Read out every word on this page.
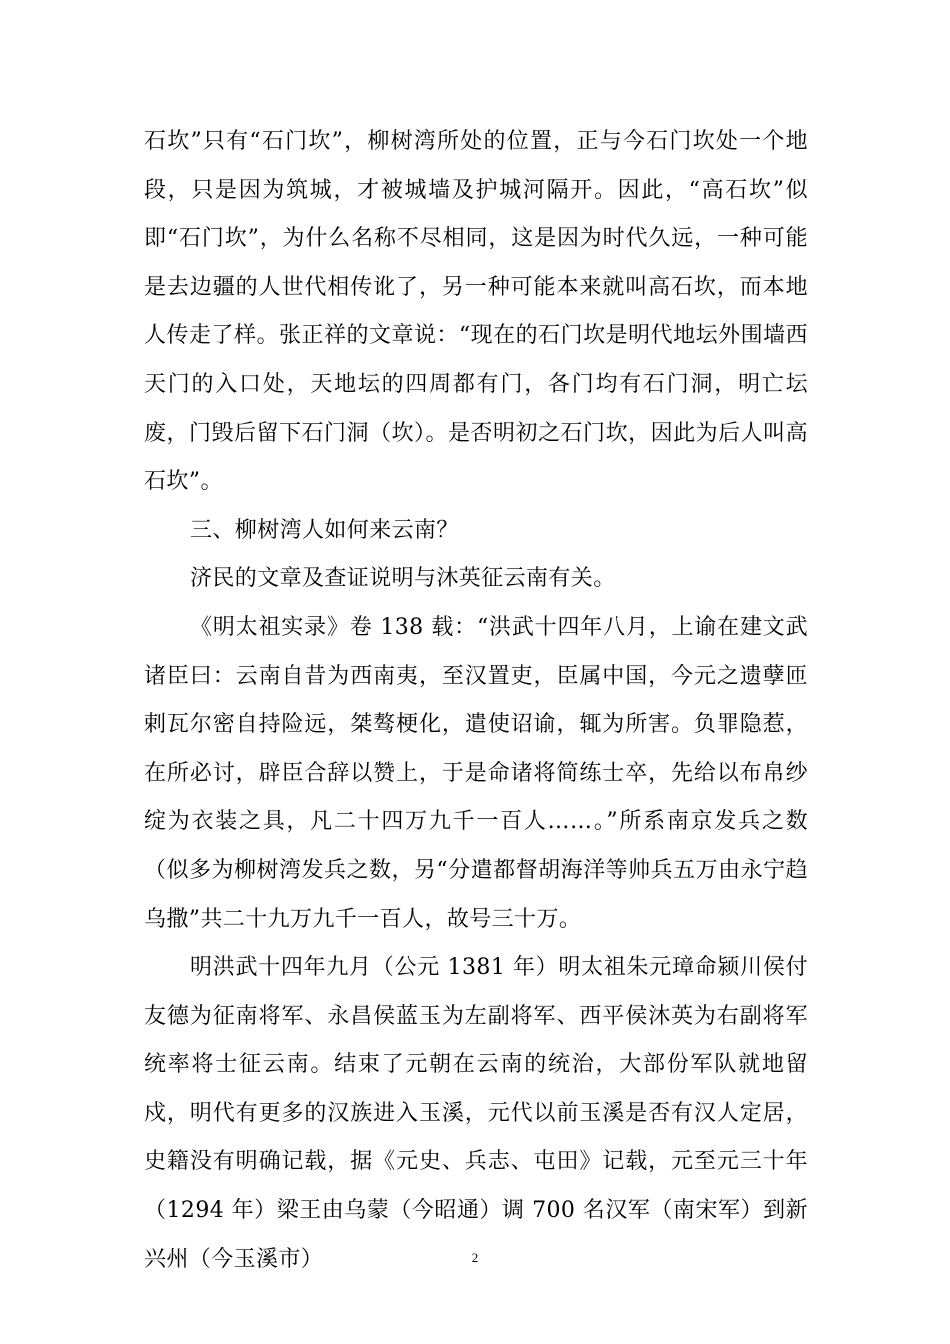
石坎”只有“石门坎”，柳树湾所处的位置，正与今石门坎处一个地段，只是因为筑城，才被城墙及护城河隔开。因此，“高石坎”似即“石门坎”，为什么名称不尽相同，这是因为时代久远，一种可能是去边疆的人世代相传讹了，另一种可能本来就叫高石坎，而本地人传走了样。张正祥的文章说：“现在的石门坎是明代地坛外围墙西天门的入口处，天地坛的四周都有门，各门均有石门洞，明亡坛废，门毁后留下石门洞（坎）。是否明初之石门坎，因此为后人叫高石坎”。

三、柳树湾人如何来云南？

济民的文章及查证说明与沐英征云南有关。

《明太祖实录》卷 138 载：“洪武十四年八月，上谕在建文武诸臣曰：云南自昔为西南夷，至汉置吏，臣属中国，今元之遗孽匝剌瓦尔密自持险远，桀骜梗化，遣使诏谕，辄为所害。负罪隐惹，在所必讨，辟臣合辞以赞上，于是命诸将简练士卒，先给以布帛纱绽为衣装之具，凡二十四万九千一百人……。”所系南京发兵之数（似多为柳树湾发兵之数，另“分遣都督胡海洋等帅兵五万由永宁趋乌撒”共二十九万九千一百人，故号三十万。

明洪武十四年九月（公元 1381 年）明太祖朱元璋命颍川侯付友德为征南将军、永昌侯蓝玉为左副将军、西平侯沐英为右副将军统率将士征云南。结束了元朝在云南的统治，大部份军队就地留戍，明代有更多的汉族进入玉溪，元代以前玉溪是否有汉人定居，史籍没有明确记载，据《元史、兵志、屯田》记载，元至元三十年（1294 年）梁王由乌蒙（今昭通）调 700 名汉军（南宋军）到新兴州（今玉溪市）	2
